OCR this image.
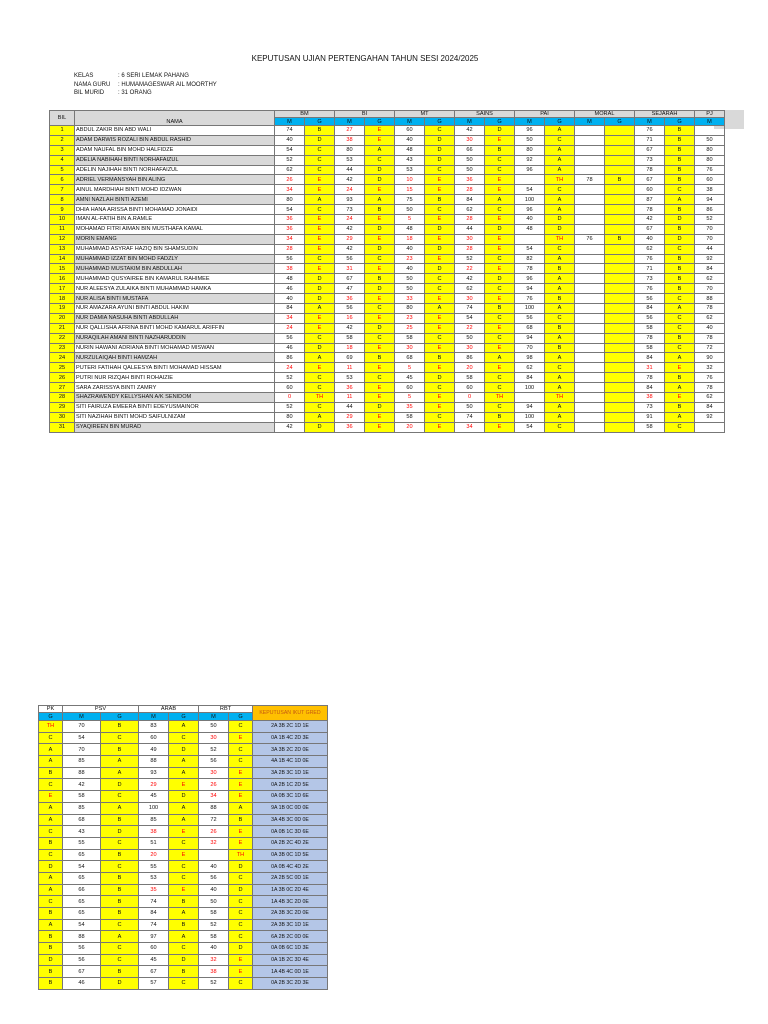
KEPUTUSAN UJIAN PERTENGAHAN TAHUN SESI 2024/2025
KELAS	: 6 SERI LEMAK PAHANG
NAMA GURU : HUMAMAGESWAR AIL MOORTHY
BIL MURID : 31 ORANG
BIL	NAMA	BM		BI		MT		SAINS		PAI		MORAL		SEJARAH		PJ
		M	G	M	G	M	G	M	G	M	G	M	G	M	G	M
1	ABDUL ZAKIR BIN ABD WALI	74	B	27	E	60	C	42	D	96	A			76	B	
2	ADAM DARWIS ROZALI BIN ABDUL RASHID	40	D	38	E	40	D	30	E	50	C			71	B	50
3	ADAM NAUFAL BIN MOHD HALFIDZE	54	C	80	A	48	D	66	B	80	A			67	B	80
4	ADELIA NABIHAH BINTI NORHAFAIZUL	52	C	53	C	43	D	50	C	92	A			73	B	80
5	ADELIN NAJIHAH BINTI NORHAFAIZUL	62	C	44	D	53	C	50	C	96	A			78	B	76
6	ADRIEL VERMANSYAH BIN ALING	26	E	42	D	10	E	36	E		TH	78	B	67	B	60
7	AINUL MARDHIAH BINTI MOHD IDZWAN	34	E	24	E	15	E	28	E	54	C			60	C	38
8	AMNI NAZLAH BINTI AZEMI	80	A	93	A	75	B	84	A	100	A			87	A	94
9	DHIA HANA ARISSA BINTI MOHAMAD JONAIDI	54	C	73	B	50	C	62	C	96	A			78	B	86
10	IMAN AL-FATIH BIN A.RAMLE	36	E	24	E	5	E	28	E	40	D			42	D	52
11	MOHAMAD FITRI AIMAN BIN MUSTHAFA KAMAL	36	E	42	D	48	D	44	D	48	D			67	B	70
12	MORIN EMANG	34	E	29	E	18	E	30	E		TH	76	B	40	D	70
13	MUHAMMAD ASYRAF HAZIQ BIN SHAMSUDIN	28	E	42	D	40	D	28	E	54	C			62	C	44
14	MUHAMMAD IZZAT BIN MOHD FADZLY	56	C	56	C	23	E	52	C	82	A			76	B	92
15	MUHAMMAD MUSTAKIM BIN ABDULLAH	38	E	31	E	40	D	22	E	78	B			71	B	84
16	MUHAMMAD QUSYAIREE BIN KAMARUL RAHIMEE	48	D	67	B	50	C	42	D	96	A			73	B	62
17	NUR ALEESYA ZULAIKA BINTI MUHAMMAD HAMKA	46	D	47	D	50	C	62	C	94	A			76	B	70
18	NUR ALISA BINTI MUSTAFA	40	D	36	E	33	E	30	E	76	B			56	C	88
19	NUR AMAZARA AYUNI BINTI ABDUL HAKIM	84	A	56	C	80	A	74	B	100	A			84	A	78
20	NUR DAMIA NASUHA BINTI ABDULLAH	34	E	16	E	23	E	54	C	56	C			56	C	62
21	NUR QALLISHA AFRINA BINTI MOHD KAMARUL ARIFFIN	24	E	42	D	25	E	22	E	68	B			58	C	40
22	NURAQILAH AMANI BINTI NAZHARUDDIN	56	C	58	C	58	C	50	C	94	A			78	B	78
23	NURIN HAWANI ADRIANA BINTI MOHAMAD MISWAN	46	D	18	E	30	E	30	E	70	B			58	C	72
24	NURZULAIQAH BINTI HAMZAH	86	A	69	B	68	B	86	A	98	A			84	A	90
25	PUTERI FATIHAH QALEESYA BINTI MOHAMAD HISSAM	24	E	11	E	5	E	20	E	62	C			31	E	32
26	PUTRI NUR RIZQAH BINTI ROHAIZIE	52	C	53	C	45	D	58	C	84	A			78	B	76
27	SARA ZARISSYA BINTI ZAMRY	60	C	36	E	60	C	60	C	100	A			84	A	78
28	SHAZRAWENDY KELLYSHAN A/K SENIDOM	0	TH	11	E	5	E	0	TH		TH			38	E	62
29	SITI FAIRUZA EMEERA BINTI EDEYUSMAINOR	52	C	44	D	35	E	50	C	94	A			73	B	84
30	SITI NAZIHAH BINTI MOHD SAIFULNIZAM	80	A	29	E	58	C	74	B	100	A			91	A	92
31	SYAQIREEN BIN MURAD	42	D	36	E	20	E	34	E	54	C			58	C	
PK	PSV		ARAB		RBT		KEPUTUSAN IKUT GRED
G	M	G	M	G	M	G	
TH	70	B	83	A	50	C	2A 3B 2C 1D 1E
C	54	C	60	C	30	E	0A 1B 4C 2D 3E
A	70	B	49	D	52	C	3A 3B 2C 2D 0E
A	85	A	88	A	56	C	4A 1B 4C 1D 0E
B	88	A	93	A	30	E	3A 2B 3C 1D 1E
C	42	D	29	E	26	E	0A 2B 1C 2D 5E
E	58	C	45	D	34	E	0A 0B 3C 1D 6E
A	85	A	100	A	88	A	9A 1B 0C 0D 0E
A	68	B	85	A	72	B	3A 4B 3C 0D 0E
C	43	D	38	E	26	E	0A 0B 1C 3D 6E
B	55	C	51	C	32	E	0A 2B 2C 4D 2E
C	65	B	20	E		TH	0A 3B 0C 1D 5E
D	54	C	55	C	40	D	0A 0B 4C 4D 2E
A	65	B	53	C	56	C	2A 2B 5C 0D 1E
A	66	B	35	E	40	D	1A 3B 0C 2D 4E
C	65	B	74	B	50	C	1A 4B 3C 2D 0E
B	65	B	84	A	58	C	2A 3B 3C 2D 0E
A	54	C	74	B	52	C	2A 3B 3C 1D 1E
B	88	A	97	A	58	C	6A 2B 2C 0D 0E
B	56	C	60	C	40	D	0A 0B 6C 1D 3E
D	56	C	45	D	32	E	0A 1B 2C 3D 4E
B	67	B	67	B	38	E	1A 4B 4C 0D 1E
B	46	D	57	C	52	C	0A 2B 3C 2D 3E
